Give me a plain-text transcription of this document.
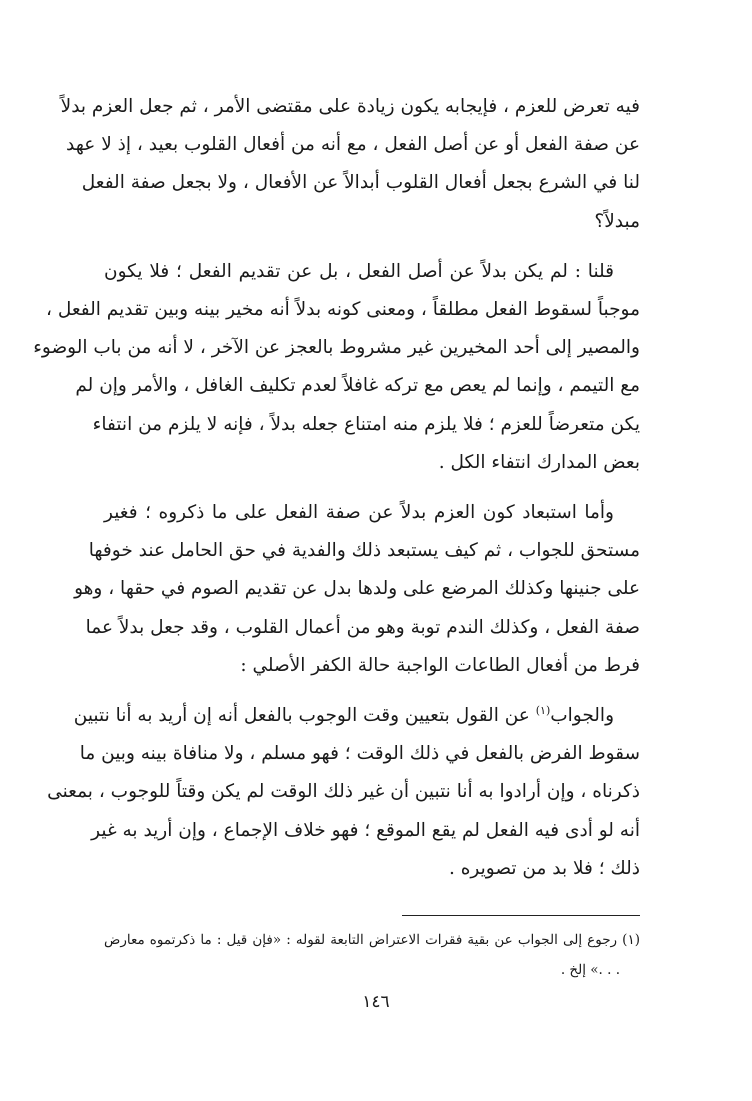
فيه تعرض للعزم ، فإيجابه يكون زيادة على مقتضى الأمر ، ثم جعل العزم بدلاً
عن صفة الفعل أو عن أصل الفعل ، مع أنه من أفعال القلوب بعيد ، إذ لا عهد
لنا في الشرع بجعل أفعال القلوب أبدالاً عن الأفعال ، ولا بجعل صفة الفعل
مبدلاً؟
قلنا : لم يكن بدلاً عن أصل الفعل ، بل عن تقديم الفعل ؛ فلا يكون
موجباً لسقوط الفعل مطلقاً ، ومعنى كونه بدلاً أنه مخير بينه وبين تقديم الفعل ،
والمصير إلى أحد المخيرين غير مشروط بالعجز عن الآخر ، لا أنه من باب الوضوء
مع التيمم ، وإنما لم يعص مع تركه غافلاً لعدم تكليف الغافل ، والأمر وإن لم
يكن متعرضاً للعزم ؛ فلا يلزم منه امتناع جعله بدلاً ، فإنه لا يلزم من انتفاء
بعض المدارك انتفاء الكل .
وأما استبعاد كون العزم بدلاً عن صفة الفعل على ما ذكروه ؛ فغير
مستحق للجواب ، ثم كيف يستبعد ذلك والفدية في حق الحامل عند خوفها
على جنينها وكذلك المرضع على ولدها بدل عن تقديم الصوم في حقها ، وهو
صفة الفعل ، وكذلك الندم توبة وهو من أعمال القلوب ، وقد جعل بدلاً عما
فرط من أفعال الطاعات الواجبة حالة الكفر الأصلي :
والجواب$^{(١)}$ عن القول بتعيين وقت الوجوب بالفعل أنه إن أريد به أنا نتبين
سقوط الفرض بالفعل في ذلك الوقت ؛ فهو مسلم ، ولا منافاة بينه وبين ما
ذكرناه ، وإن أرادوا به أنا نتبين أن غير ذلك الوقت لم يكن وقتاً للوجوب ، بمعنى
أنه لو أدى فيه الفعل لم يقع الموقع ؛ فهو خلاف الإجماع ، وإن أريد به غير
ذلك ؛ فلا بد من تصويره .
(١) رجوع إلى الجواب عن بقية فقرات الاعتراض التابعة لقوله : «فإن قيل : ما ذكرتموه معارض
. . .» إلخ .
١٤٦
